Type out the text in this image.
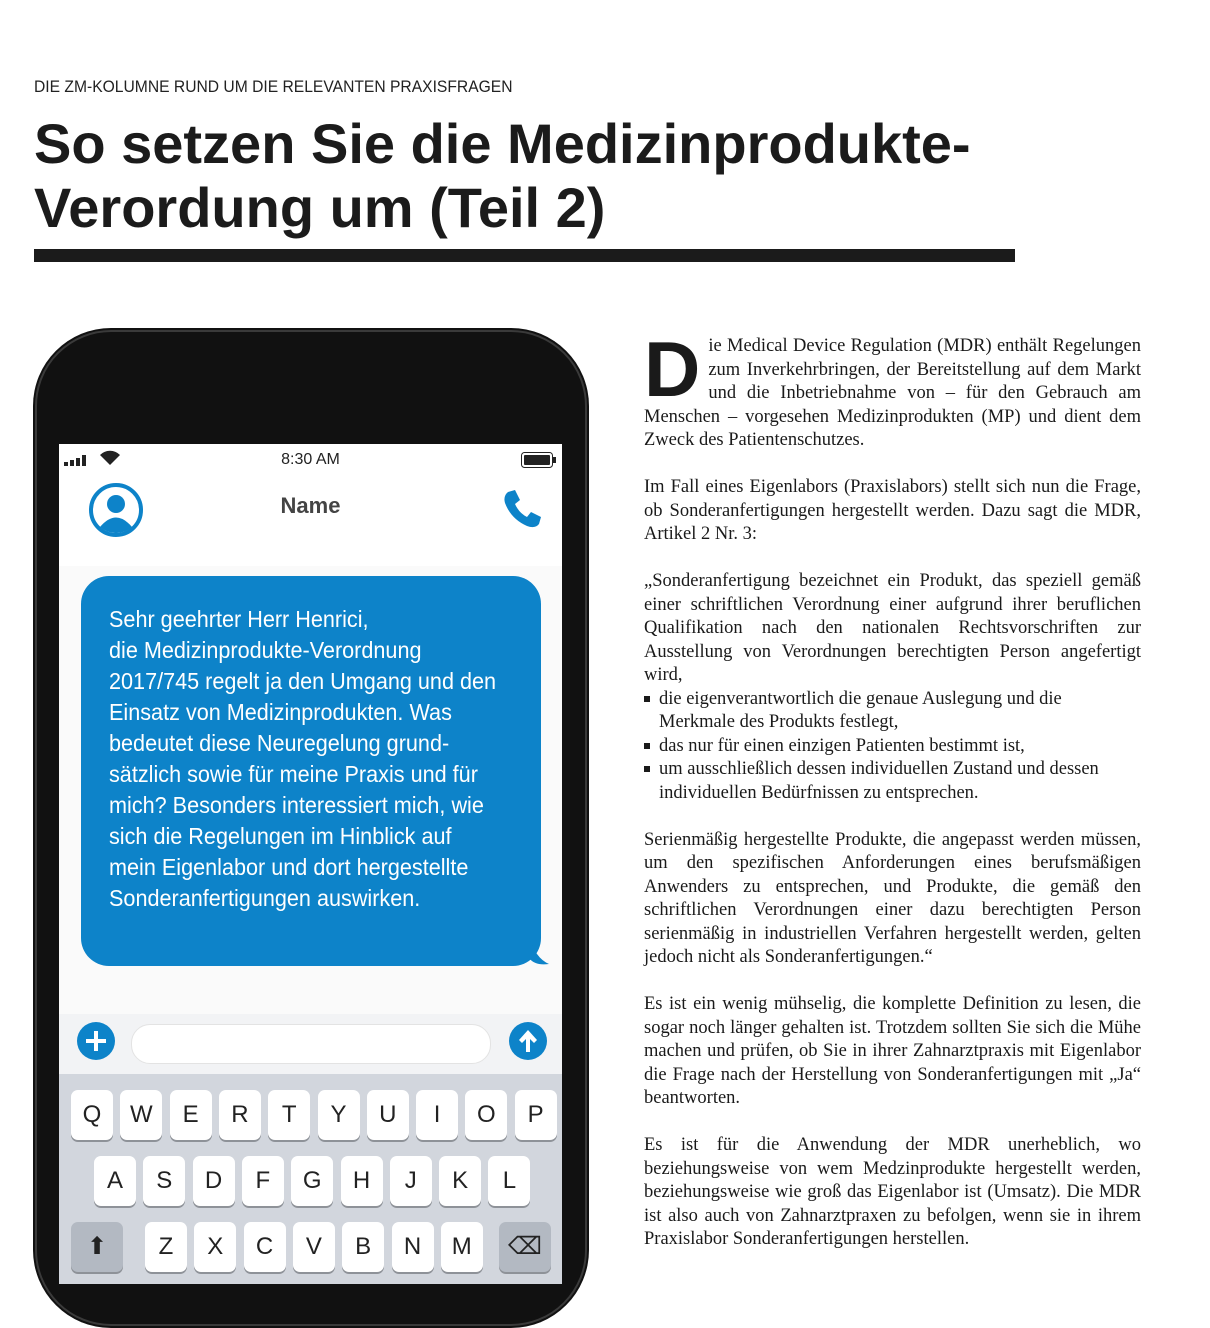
DIE ZM-KOLUMNE RUND UM DIE RELEVANTEN PRAXISFRAGEN
So setzen Sie die Medizinprodukte-
Verordung um (Teil 2)
8:30 AM
Name
Sehr geehrter Herr Henrici,
die Medizinprodukte-Verordnung 2017/745 regelt ja den Umgang und den Einsatz von Medizinprodukten. Was bedeutet diese Neuregelung grund-sätzlich sowie für meine Praxis und für mich? Besonders interessiert mich, wie sich die Regelungen im Hinblick auf mein Eigenlabor und dort hergestellte Sonderanfertigungen auswirken.
Q	W	E	R	T	Y	U	I	O	P
A	S	D	F	G	H	J	K	L
Z	X	C	V	B	N	M
⬆	⌫

Die Medical Device Regulation (MDR) enthält Regelungen zum Inverkehrbringen, der Bereitstellung auf dem Markt und die Inbetriebnahme von – für den Gebrauch am Menschen – vorgesehen Medizinprodukten (MP) und dient dem Zweck des Patientenschutzes.

Im Fall eines Eigenlabors (Praxislabors) stellt sich nun die Frage, ob Sonderanfertigungen hergestellt werden. Dazu sagt die MDR, Artikel 2 Nr. 3:

„Sonderanfertigung bezeichnet ein Produkt, das speziell gemäß einer schriftlichen Verordnung einer aufgrund ihrer beruflichen Qualifikation nach den nationalen Rechtsvorschriften zur Ausstellung von Verordnungen berechtigten Person angefertigt wird,

die eigenverantwortlich die genaue Auslegung und die Merkmale des Produkts festlegt,
das nur für einen einzigen Patienten bestimmt ist,
um ausschließlich dessen individuellen Zustand und dessen individuellen Bedürfnissen zu entsprechen.

Serienmäßig hergestellte Produkte, die angepasst werden müssen, um den spezifischen Anforderungen eines berufsmäßigen Anwenders zu entsprechen, und Produkte, die gemäß den schriftlichen Verordnungen einer dazu berechtigten Person serienmäßig in industriellen Verfahren hergestellt werden, gelten jedoch nicht als Sonderanfertigungen.“

Es ist ein wenig mühselig, die komplette Definition zu lesen, die sogar noch länger gehalten ist. Trotzdem sollten Sie sich die Mühe machen und prüfen, ob Sie in ihrer Zahnarztpraxis mit Eigenlabor die Frage nach der Herstellung von Sonderanfertigungen mit „Ja“ beantworten.

Es ist für die Anwendung der MDR unerheblich, wo beziehungsweise von wem Medzinprodukte hergestellt werden, beziehungsweise wie groß das Eigenlabor ist (Umsatz). Die MDR ist also auch von Zahnarztpraxen zu befolgen, wenn sie in ihrem Praxislabor Sonderanfertigungen herstellen.
